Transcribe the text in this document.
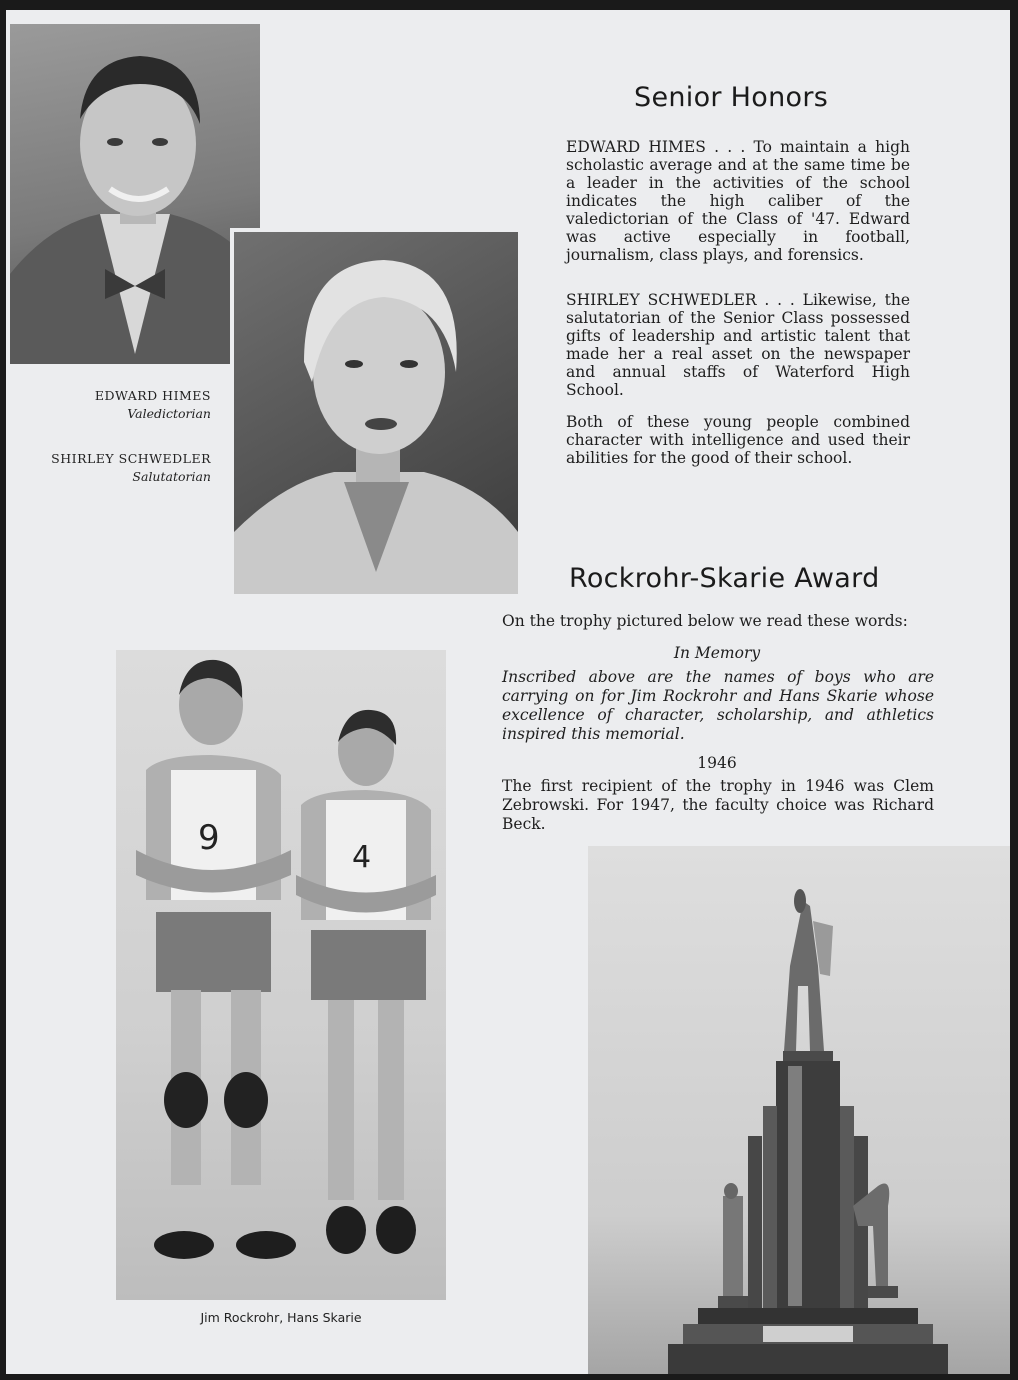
EDWARD HIMES
Valedictorian
SHIRLEY SCHWEDLER
Salutatorian
Senior Honors

EDWARD HIMES . . . To maintain a high scholastic average and at the same time be a leader in the activities of the school indicates the high caliber of the valedictorian of the Class of '47. Edward was active especially in football, journalism, class plays, and forensics.

SHIRLEY SCHWEDLER . . . Likewise, the salutatorian of the Senior Class possessed gifts of leadership and artistic talent that made her a real asset on the newspaper and annual staffs of Waterford High School.

Both of these young people combined character with intelligence and used their abilities for the good of their school.

Rockrohr-Skarie Award

On the trophy pictured below we read these words:

In Memory

Inscribed above are the names of boys who are carrying on for Jim Rockrohr and Hans Skarie whose excellence of character, scholarship, and athletics inspired this memorial.

1946

The first recipient of the trophy in 1946 was Clem Zebrowski. For 1947, the faculty choice was Richard Beck.

9	4
Jim Rockrohr, Hans Skarie
